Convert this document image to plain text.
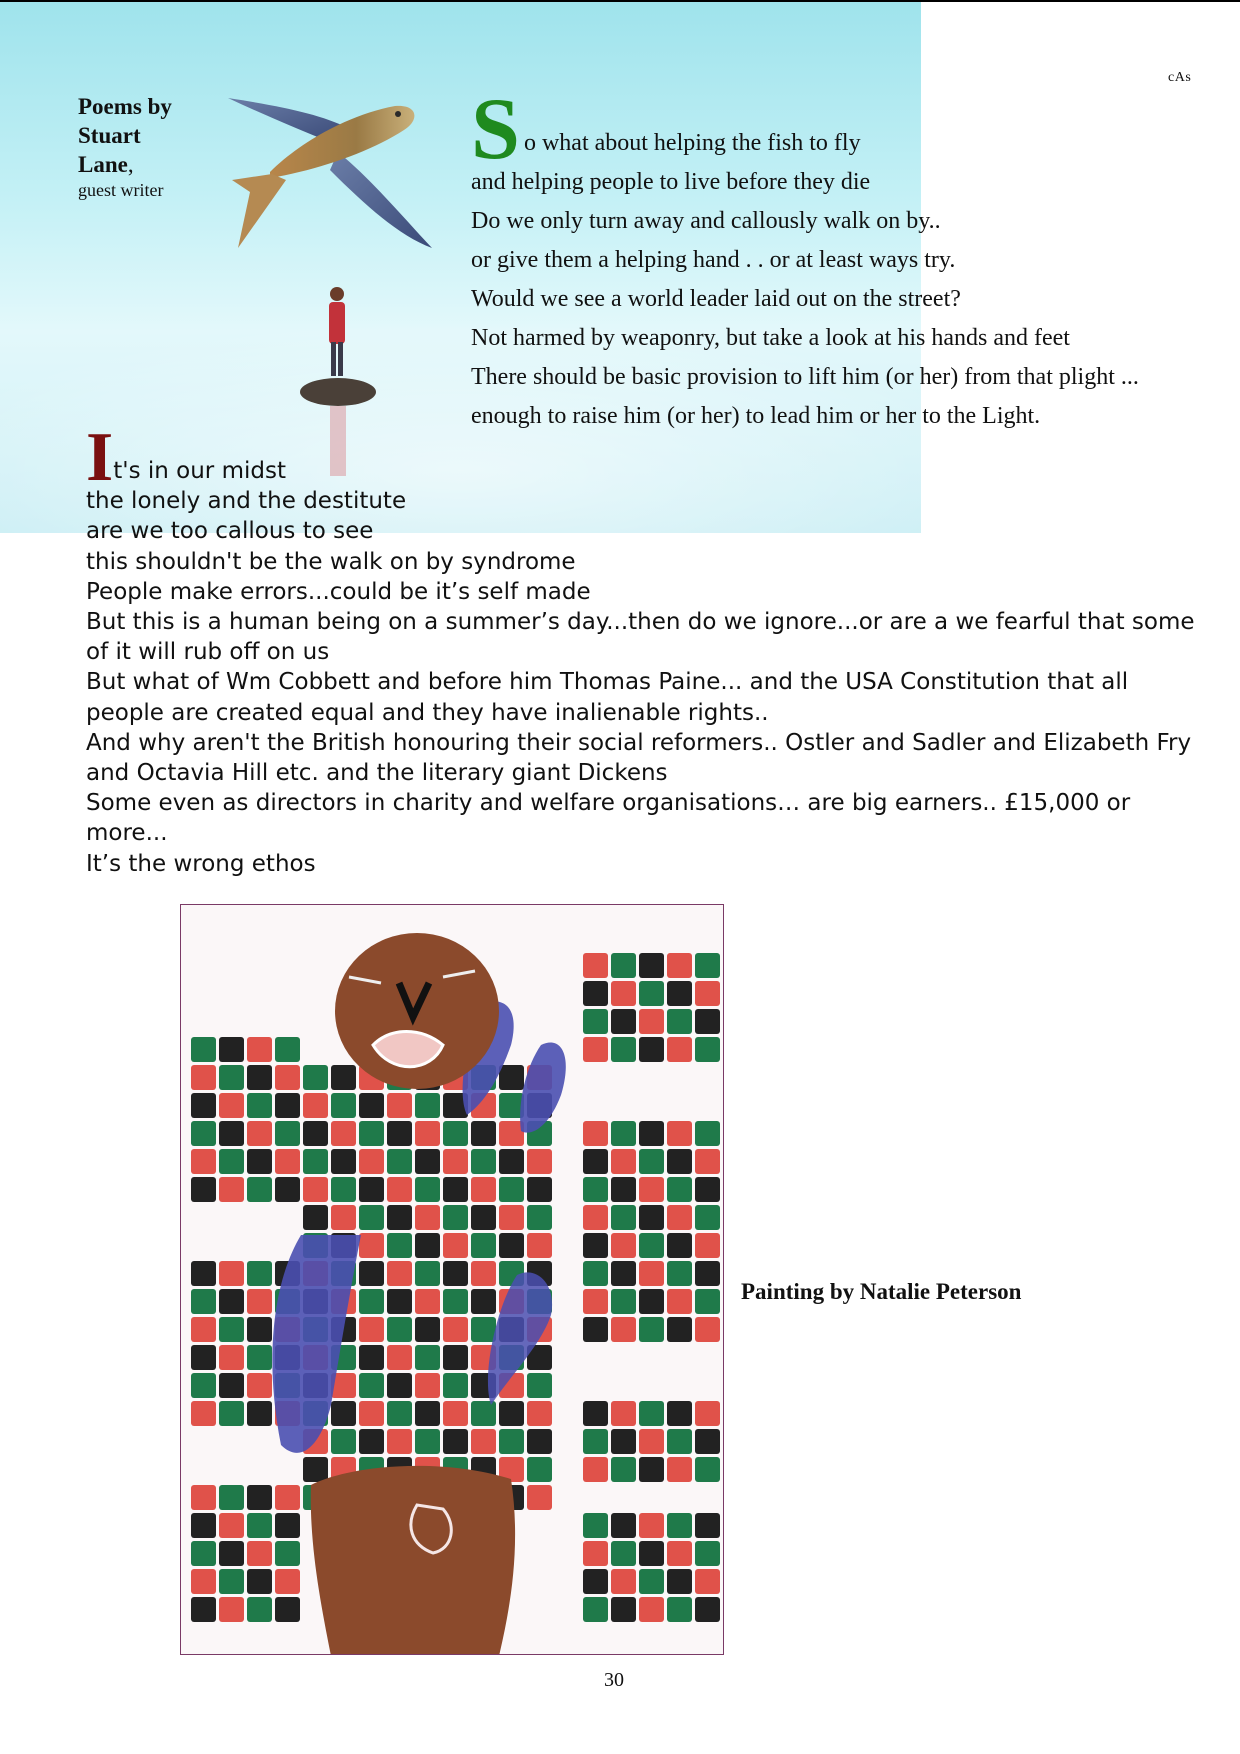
Poems by
Stuart
Lane,
guest writer
cAs
So what about helping the fish to fly
and helping people to live before they die
Do we only turn away and callously walk on by..
or give them a helping hand . . or at least ways try.
Would we see a world leader laid out on the street?
Not harmed by weaponry, but take a look at his hands and feet
There should be basic provision to lift him (or her) from that plight ...
enough to raise him (or her) to lead him or her to the Light.
It's in our midst
the lonely and the destitute
are we too callous to see
this shouldn't be the walk on by syndrome
People make errors...could be it’s self made
But this is a human being on a summer’s day...then do we ignore...or are a we fearful that some of it will rub off on us
But what of Wm Cobbett and before him Thomas Paine... and the USA Constitution that all people are created equal and they have inalienable rights..
And why aren't the British honouring their social reformers.. Ostler and Sadler and Elizabeth Fry and Octavia Hill etc. and the literary giant Dickens
Some even as directors in charity and welfare organisations… are big earners.. £15,000 or more...
It’s the wrong ethos
Painting by Natalie Peterson
30
